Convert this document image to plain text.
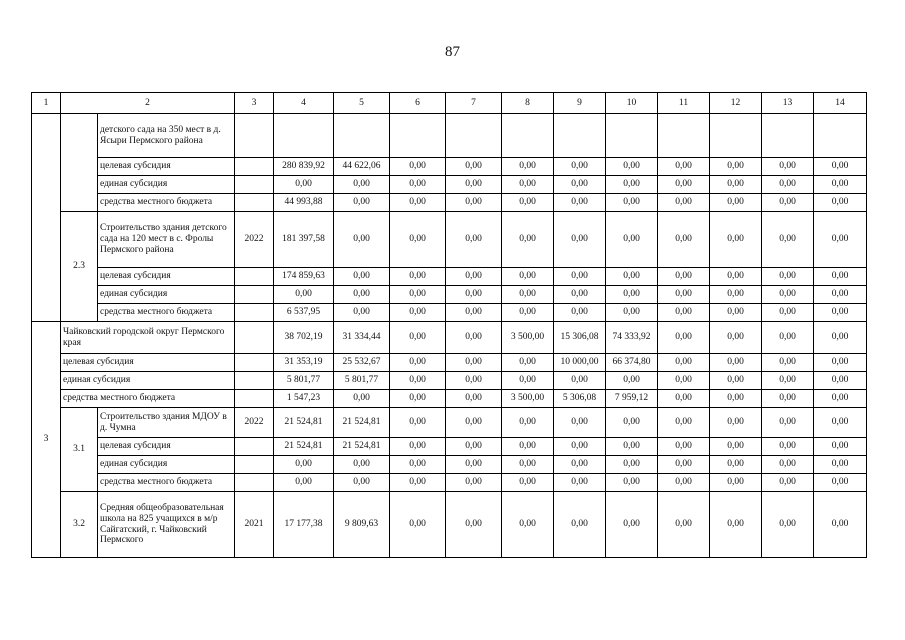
87
1	2		3	4	5	6	7	8	9	10	11	12	13	14
		детского сада на 350 мест в д. Ясыри Пермского района												
		целевая субсидия		280 839,92	44 622,06	0,00	0,00	0,00	0,00	0,00	0,00	0,00	0,00	0,00
		единая субсидия		0,00	0,00	0,00	0,00	0,00	0,00	0,00	0,00	0,00	0,00	0,00
		средства местного бюджета		44 993,88	0,00	0,00	0,00	0,00	0,00	0,00	0,00	0,00	0,00	0,00
	2.3	Строительство здания детского сада на 120 мест в с. Фролы Пермского района	2022	181 397,58	0,00	0,00	0,00	0,00	0,00	0,00	0,00	0,00	0,00	0,00
		целевая субсидия		174 859,63	0,00	0,00	0,00	0,00	0,00	0,00	0,00	0,00	0,00	0,00
		единая субсидия		0,00	0,00	0,00	0,00	0,00	0,00	0,00	0,00	0,00	0,00	0,00
		средства местного бюджета		6 537,95	0,00	0,00	0,00	0,00	0,00	0,00	0,00	0,00	0,00	0,00
3	Чайковский городской округ Пермского края			38 702,19	31 334,44	0,00	0,00	3 500,00	15 306,08	74 333,92	0,00	0,00	0,00	0,00
	целевая субсидия			31 353,19	25 532,67	0,00	0,00	0,00	10 000,00	66 374,80	0,00	0,00	0,00	0,00
	единая субсидия			5 801,77	5 801,77	0,00	0,00	0,00	0,00	0,00	0,00	0,00	0,00	0,00
	средства местного бюджета			1 547,23	0,00	0,00	0,00	3 500,00	5 306,08	7 959,12	0,00	0,00	0,00	0,00
	3.1	Строительство здания МДОУ в д. Чумна	2022	21 524,81	21 524,81	0,00	0,00	0,00	0,00	0,00	0,00	0,00	0,00	0,00
		целевая субсидия		21 524,81	21 524,81	0,00	0,00	0,00	0,00	0,00	0,00	0,00	0,00	0,00
		единая субсидия		0,00	0,00	0,00	0,00	0,00	0,00	0,00	0,00	0,00	0,00	0,00
		средства местного бюджета		0,00	0,00	0,00	0,00	0,00	0,00	0,00	0,00	0,00	0,00	0,00
	3.2	Средняя общеобразовательная школа на 825 учащихся в м/р Сайгатский, г. Чайковский Пермского	2021	17 177,38	9 809,63	0,00	0,00	0,00	0,00	0,00	0,00	0,00	0,00	0,00
